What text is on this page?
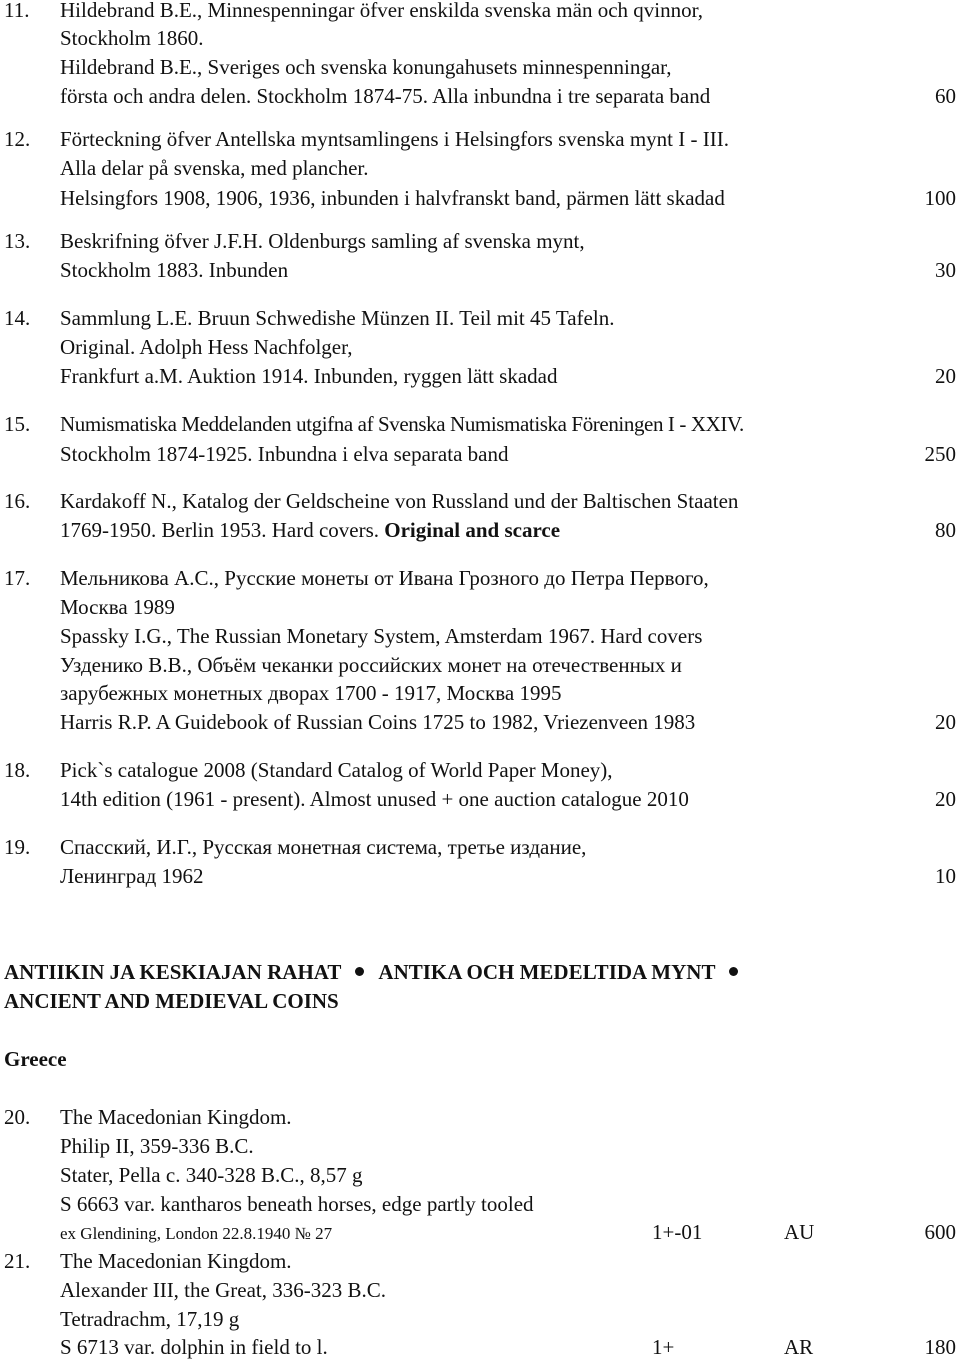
11. Hildebrand B.E., Minnespenningar öfver enskilda svenska män och qvinnor,
Stockholm 1860.
Hildebrand B.E., Sveriges och svenska konungahusets minnespenningar,
första och andra delen. Stockholm 1874-75. Alla inbundna i tre separata band	60
12. Förteckning öfver Antellska myntsamlingens i Helsingfors svenska mynt I - III.
Alla delar på svenska, med plancher.
Helsingfors 1908, 1906, 1936, inbunden i halvfranskt band, pärmen lätt skadad	100
13. Beskrifning öfver J.F.H. Oldenburgs samling af svenska mynt,
Stockholm 1883. Inbunden	30
14. Sammlung L.E. Bruun Schwedishe Münzen II. Teil mit 45 Tafeln.
Original. Adolph Hess Nachfolger,
Frankfurt a.M. Auktion 1914. Inbunden, ryggen lätt skadad	20
15. Numismatiska Meddelanden utgifna af Svenska Numismatiska Föreningen I - XXIV.
Stockholm 1874-1925. Inbundna i elva separata band	250
16. Kardakoff N., Katalog der Geldscheine von Russland und der Baltischen Staaten
1769-1950. Berlin 1953. Hard covers. Original and scarce	80
17. Мельникова А.С., Русские монеты от Ивана Грозного до Петра Первого,
Москва 1989
Spassky I.G., The Russian Monetary System, Amsterdam 1967. Hard covers
Узденико В.В., Объём чеканки российских монет на отечественных и
зарубежных монетных дворах 1700 - 1917, Москва 1995
Harris R.P. A Guidebook of Russian Coins 1725 to 1982, Vriezenveen 1983	20
18. Pick`s catalogue 2008 (Standard Catalog of World Paper Money),
14th edition (1961 - present). Almost unused + one auction catalogue 2010	20
19. Спасский, И.Г., Русская монетная система, третье издание,
Ленинград 1962	10
ANTIIKIN JA KESKIAJAN RAHAT ANTIKA OCH MEDELTIDA MYNT
ANCIENT AND MEDIEVAL COINS
Greece
20. The Macedonian Kingdom.
Philip II, 359-336 B.C.
Stater, Pella c. 340-328 B.C., 8,57 g
S 6663 var. kantharos beneath horses, edge partly tooled
ex Glendining, London 22.8.1940 № 27	1+-01	AU	600
21. The Macedonian Kingdom.
Alexander III, the Great, 336-323 B.C.
Tetradrachm, 17,19 g
S 6713 var. dolphin in field to l.	1+	AR	180
